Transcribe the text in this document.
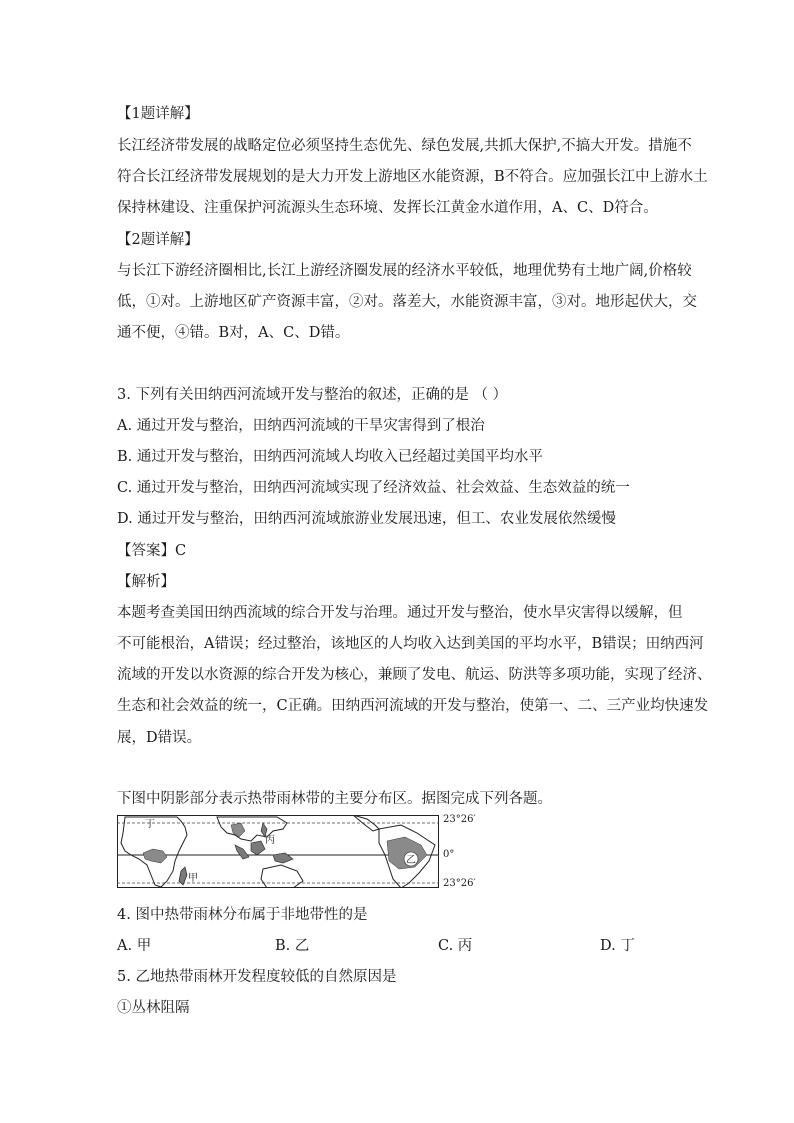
【1题详解】
长江经济带发展的战略定位必须坚持生态优先、绿色发展,共抓大保护,不搞大开发。措施不
符合长江经济带发展规划的是大力开发上游地区水能资源，B不符合。应加强长江中上游水土
保持林建设、注重保护河流源头生态环境、发挥长江黄金水道作用，A、C、D符合。
【2题详解】
与长江下游经济圈相比,长江上游经济圈发展的经济水平较低，地理优势有土地广阔,价格较
低，①对。上游地区矿产资源丰富，②对。落差大，水能资源丰富，③对。地形起伏大，交
通不便，④错。B对，A、C、D错。
3. 下列有关田纳西河流域开发与整治的叙述，正确的是 （ ）
A. 通过开发与整治，田纳西河流域的干旱灾害得到了根治
B. 通过开发与整治，田纳西河流域人均收入已经超过美国平均水平
C. 通过开发与整治，田纳西河流域实现了经济效益、社会效益、生态效益的统一
D. 通过开发与整治，田纳西河流域旅游业发展迅速，但工、农业发展依然缓慢
【答案】C
【解析】
本题考查美国田纳西流域的综合开发与治理。通过开发与整治，使水旱灾害得以缓解，但
不可能根治，A错误；经过整治，该地区的人均收入达到美国的平均水平，B错误；田纳西河
流域的开发以水资源的综合开发为核心，兼顾了发电、航运、防洪等多项功能，实现了经济、
生态和社会效益的统一，C正确。田纳西河流域的开发与整治，使第一、二、三产业均快速发
展，D错误。
下图中阴影部分表示热带雨林带的主要分布区。据图完成下列各题。
丁
甲
丙
乙
23°26′
0°
23°26′
4. 图中热带雨林分布属于非地带性的是
A. 甲	B. 乙	C. 丙	D. 丁
5. 乙地热带雨林开发程度较低的自然原因是
①丛林阻隔
